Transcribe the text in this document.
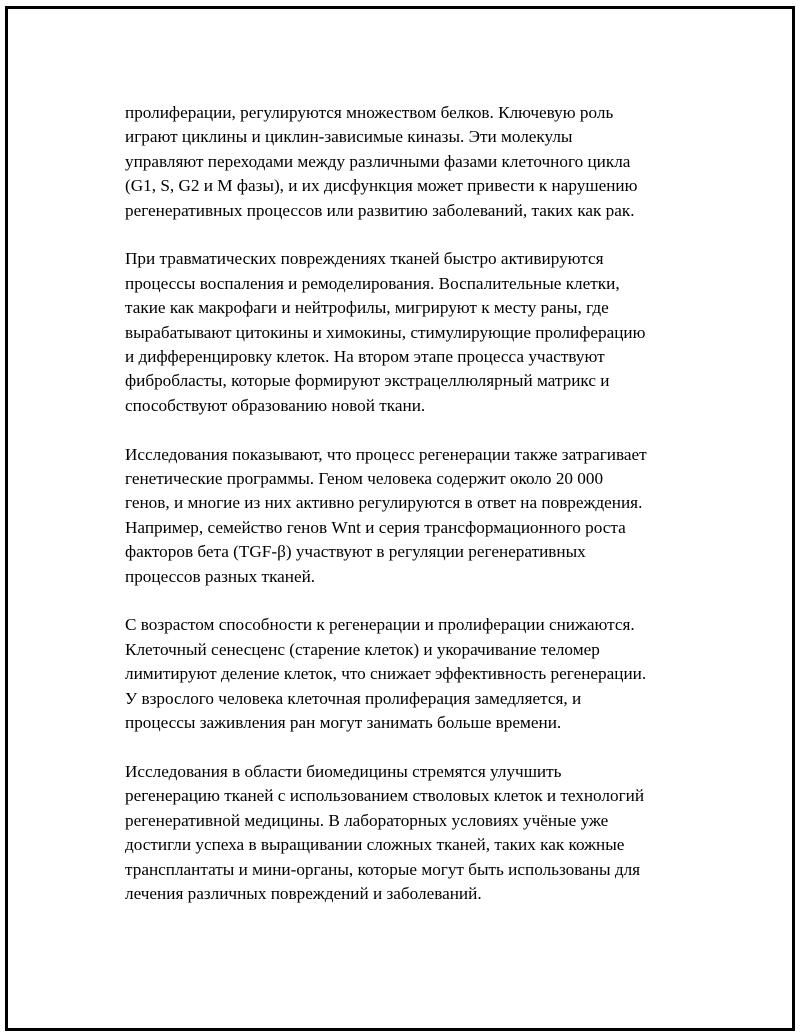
пролиферации, регулируются множеством белков. Ключевую роль
играют циклины и циклин-зависимые киназы. Эти молекулы
управляют переходами между различными фазами клеточного цикла
(G1, S, G2 и M фазы), и их дисфункция может привести к нарушению
регенеративных процессов или развитию заболеваний, таких как рак.

При травматических повреждениях тканей быстро активируются
процессы воспаления и ремоделирования. Воспалительные клетки,
такие как макрофаги и нейтрофилы, мигрируют к месту раны, где
вырабатывают цитокины и химокины, стимулирующие пролиферацию
и дифференцировку клеток. На втором этапе процесса участвуют
фибробласты, которые формируют экстрацеллюлярный матрикс и
способствуют образованию новой ткани.

Исследования показывают, что процесс регенерации также затрагивает
генетические программы. Геном человека содержит около 20 000
генов, и многие из них активно регулируются в ответ на повреждения.
Например, семейство генов Wnt и серия трансформационного роста
факторов бета (TGF-β) участвуют в регуляции регенеративных
процессов разных тканей.

С возрастом способности к регенерации и пролиферации снижаются.
Клеточный сенесценс (старение клеток) и укорачивание теломер
лимитируют деление клеток, что снижает эффективность регенерации.
У взрослого человека клеточная пролиферация замедляется, и
процессы заживления ран могут занимать больше времени.

Исследования в области биомедицины стремятся улучшить
регенерацию тканей с использованием стволовых клеток и технологий
регенеративной медицины. В лабораторных условиях учёные уже
достигли успеха в выращивании сложных тканей, таких как кожные
трансплантаты и мини-органы, которые могут быть использованы для
лечения различных повреждений и заболеваний.
